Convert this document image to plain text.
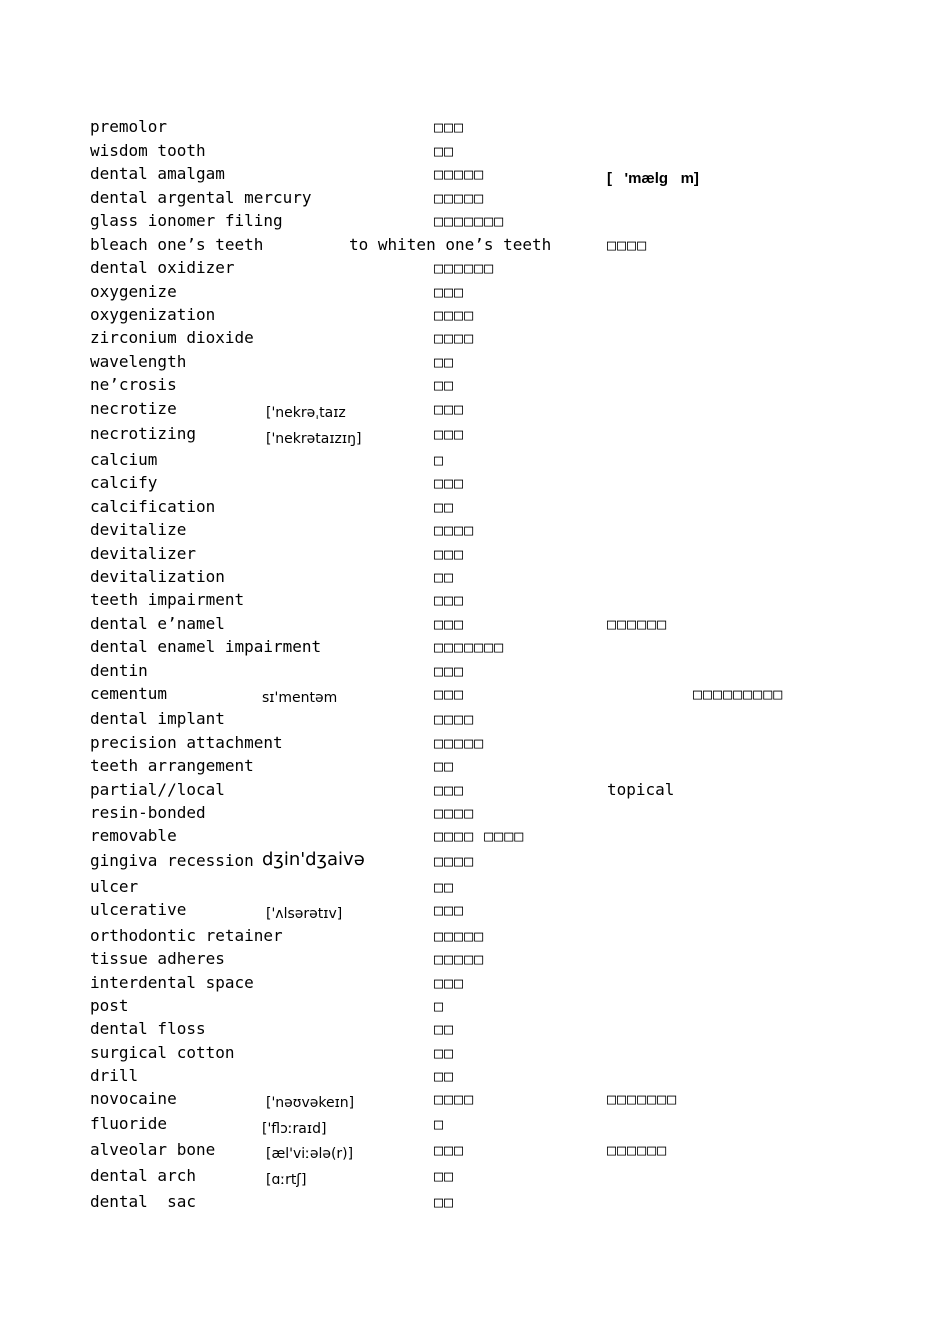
premolor	□□□
wisdom tooth	□□
dental amalgam	□□□□□	[   'mælg   m]
dental argental mercury	□□□□□
glass ionomer filing	□□□□□□□
bleach one’s teeth	to whiten one’s teeth	□□□□
dental oxidizer	□□□□□□
oxygenize	□□□
oxygenization	□□□□
zirconium dioxide	□□□□
wavelength	□□
ne’crosis	□□
necrotize	['nekrəˌtaɪz	□□□
necrotizing	['nekrətaɪzɪŋ]	□□□
calcium	□
calcify	□□□
calcification	□□
devitalize	□□□□
devitalizer	□□□
devitalization	□□
teeth impairment	□□□
dental e’namel	□□□	□□□□□□
dental enamel impairment	□□□□□□□
dentin	□□□
cementum	sɪ'mentəm	□□□	□□□□□□□□□
dental implant	□□□□
precision attachment	□□□□□
teeth arrangement	□□
partial//local	□□□	topical
resin-bonded	□□□□
removable	□□□□ □□□□
gingiva recession dʒin'dʒaivə	□□□□
ulcer	□□
ulcerative	['ʌlsərətɪv]	□□□
orthodontic retainer	□□□□□
tissue adheres	□□□□□
interdental space	□□□
post	□
dental floss	□□
surgical cotton	□□
drill	□□
novocaine	['nəʊvəkeɪn]	□□□□	□□□□□□□
fluoride	['flɔːraɪd]	□
alveolar bone	[æl'viːələ(r)]	□□□	□□□□□□
dental arch	[ɑːrtʃ]	□□
dental  sac	□□
